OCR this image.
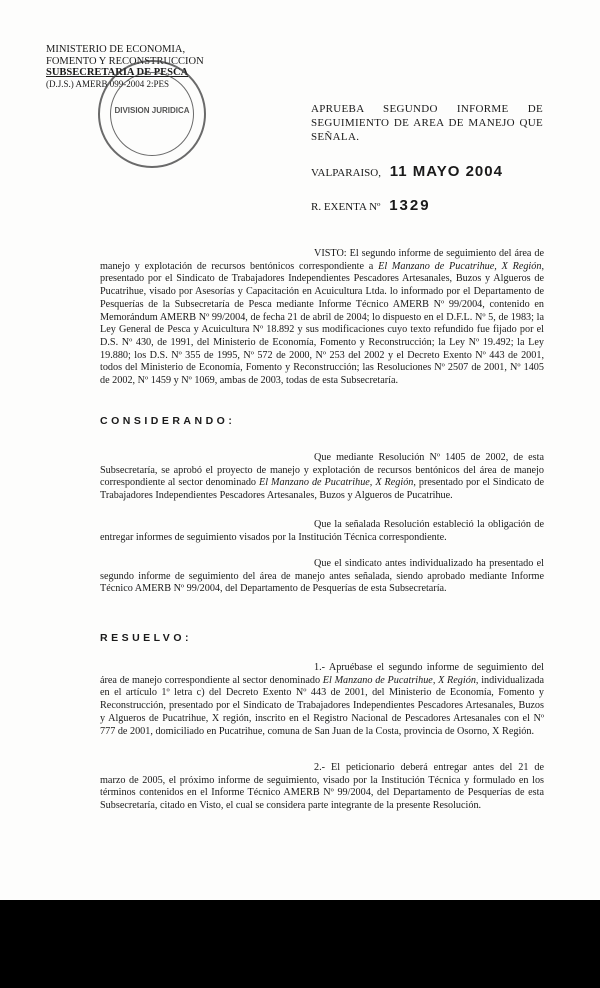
MINISTERIO DE ECONOMIA,
FOMENTO Y RECONSTRUCCION
SUBSECRETARIA DE PESCA
(D.J.S.) AMERB 099-2004 2:PES
DIVISION JURIDICA	APRUEBA SEGUNDO INFORME DE SEGUIMIENTO DE AREA DE MANEJO QUE SEÑALA.
VALPARAISO, 11 MAYO 2004
R. EXENTA Nº 1329
VISTO: El segundo informe de seguimiento del área de manejo y explotación de recursos bentónicos correspondiente a El Manzano de Pucatrihue, X Región, presentado por el Sindicato de Trabajadores Independientes Pescadores Artesanales, Buzos y Algueros de Pucatrihue, visado por Asesorías y Capacitación en Acuicultura Ltda. lo informado por el Departamento de Pesquerías de la Subsecretaría de Pesca mediante Informe Técnico AMERB Nº 99/2004, contenido en Memorándum AMERB Nº 99/2004, de fecha 21 de abril de 2004; lo dispuesto en el D.F.L. Nº 5, de 1983; la Ley General de Pesca y Acuicultura Nº 18.892 y sus modificaciones cuyo texto refundido fue fijado por el D.S. Nº 430, de 1991, del Ministerio de Economía, Fomento y Reconstrucción; la Ley Nº 19.492; la Ley 19.880; los D.S. Nº 355 de 1995, Nº 572 de 2000, Nº 253 del 2002 y el Decreto Exento Nº 443 de 2001, todos del Ministerio de Economía, Fomento y Reconstrucción; las Resoluciones Nº 2507 de 2001, Nº 1405 de 2002, Nº 1459 y Nº 1069, ambas de 2003, todas de esta Subsecretaría.
CONSIDERANDO:
Que mediante Resolución Nº 1405 de 2002, de esta Subsecretaría, se aprobó el proyecto de manejo y explotación de recursos bentónicos del área de manejo correspondiente al sector denominado El Manzano de Pucatrihue, X Región, presentado por el Sindicato de Trabajadores Independientes Pescadores Artesanales, Buzos y Algueros de Pucatrihue.
Que la señalada Resolución estableció la obligación de entregar informes de seguimiento visados por la Institución Técnica correspondiente.
Que el sindicato antes individualizado ha presentado el segundo informe de seguimiento del área de manejo antes señalada, siendo aprobado mediante Informe Técnico AMERB Nº 99/2004, del Departamento de Pesquerías de esta Subsecretaría.
RESUELVO:
1.- Apruébase el segundo informe de seguimiento del área de manejo correspondiente al sector denominado El Manzano de Pucatrihue, X Región, individualizada en el artículo 1º letra c) del Decreto Exento Nº 443 de 2001, del Ministerio de Economía, Fomento y Reconstrucción, presentado por el Sindicato de Trabajadores Independientes Pescadores Artesanales, Buzos y Algueros de Pucatrihue, X región, inscrito en el Registro Nacional de Pescadores Artesanales con el Nº 777 de 2001, domiciliado en Pucatrihue, comuna de San Juan de la Costa, provincia de Osorno, X Región.
2.- El peticionario deberá entregar antes del 21 de marzo de 2005, el próximo informe de seguimiento, visado por la Institución Técnica y formulado en los términos contenidos en el Informe Técnico AMERB Nº 99/2004, del Departamento de Pesquerías de esta Subsecretaría, citado en Visto, el cual se considera parte integrante de la presente Resolución.
